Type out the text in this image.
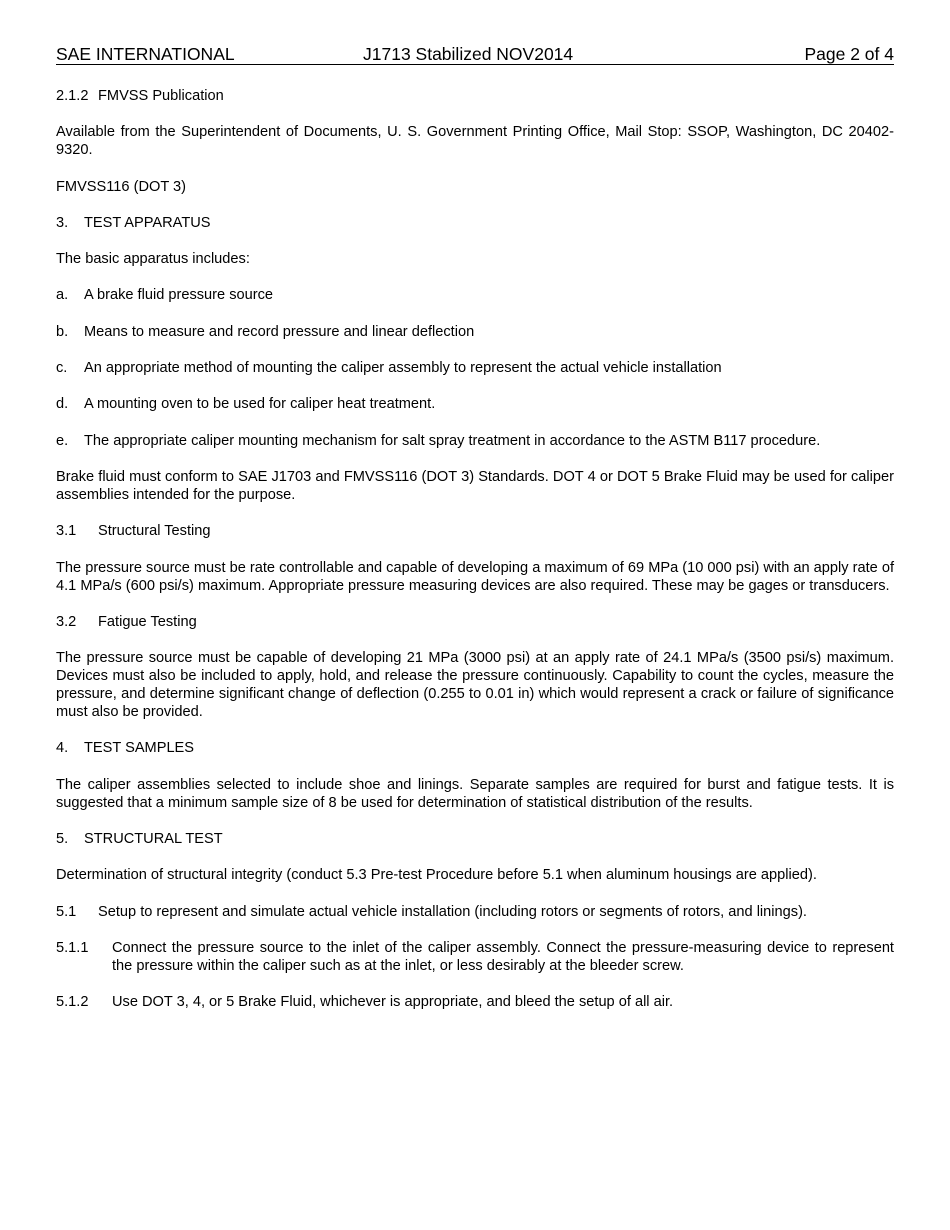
SAE INTERNATIONAL	J1713 Stabilized NOV2014	Page 2 of 4
2.1.2 FMVSS Publication
Available from the Superintendent of Documents, U. S. Government Printing Office, Mail Stop: SSOP, Washington, DC 20402-9320.
FMVSS116 (DOT 3)
3.	TEST APPARATUS
The basic apparatus includes:
a.	A brake fluid pressure source
b.	Means to measure and record pressure and linear deflection
c.	An appropriate method of mounting the caliper assembly to represent the actual vehicle installation
d.	A mounting oven to be used for caliper heat treatment.
e.	The appropriate caliper mounting mechanism for salt spray treatment in accordance to the ASTM B117 procedure.
Brake fluid must conform to SAE J1703 and FMVSS116 (DOT 3) Standards. DOT 4 or DOT 5 Brake Fluid may be used for caliper assemblies intended for the purpose.
3.1	Structural Testing
The pressure source must be rate controllable and capable of developing a maximum of 69 MPa (10 000 psi) with an apply rate of 4.1 MPa/s (600 psi/s) maximum. Appropriate pressure measuring devices are also required. These may be gages or transducers.
3.2	Fatigue Testing
The pressure source must be capable of developing 21 MPa (3000 psi) at an apply rate of 24.1 MPa/s (3500 psi/s) maximum. Devices must also be included to apply, hold, and release the pressure continuously. Capability to count the cycles, measure the pressure, and determine significant change of deflection (0.255 to 0.01 in) which would represent a crack or failure of significance must also be provided.
4.	TEST SAMPLES
The caliper assemblies selected to include shoe and linings. Separate samples are required for burst and fatigue tests. It is suggested that a minimum sample size of 8 be used for determination of statistical distribution of the results.
5.	STRUCTURAL TEST
Determination of structural integrity (conduct 5.3 Pre-test Procedure before 5.1 when aluminum housings are applied).
5.1	Setup to represent and simulate actual vehicle installation (including rotors or segments of rotors, and linings).
5.1.1	Connect the pressure source to the inlet of the caliper assembly. Connect the pressure-measuring device to represent the pressure within the caliper such as at the inlet, or less desirably at the bleeder screw.
5.1.2	Use DOT 3, 4, or 5 Brake Fluid, whichever is appropriate, and bleed the setup of all air.
